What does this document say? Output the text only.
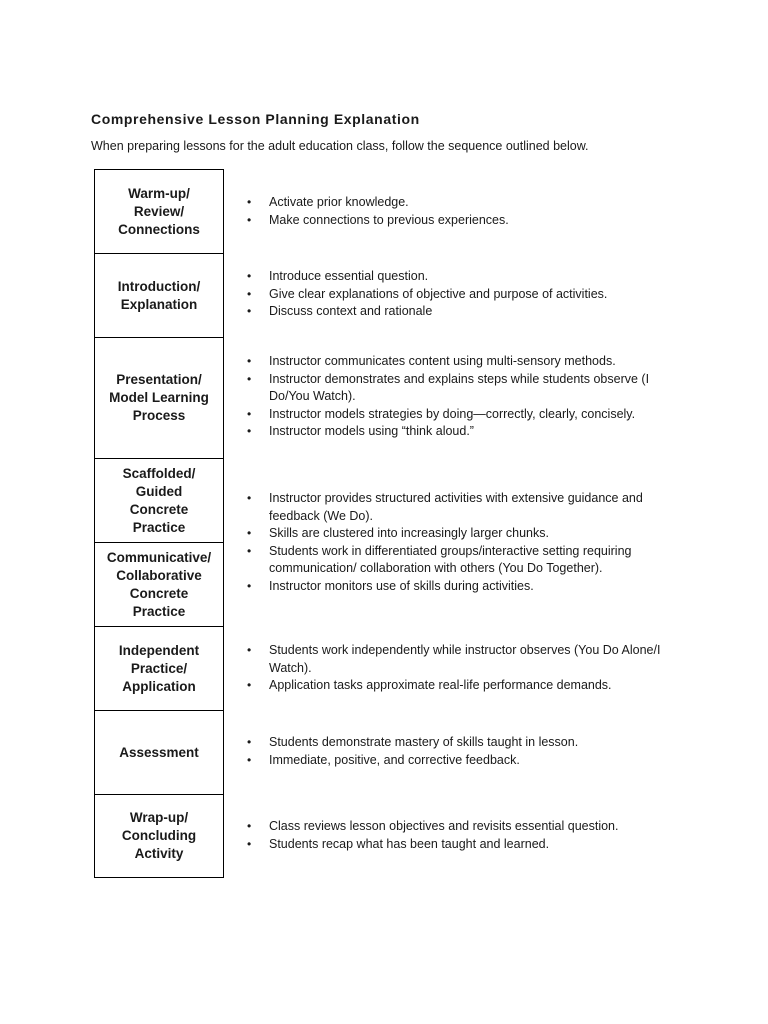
Comprehensive Lesson Planning Explanation
When preparing lessons for the adult education class, follow the sequence outlined below.
Warm-up/
Review/
Connections
Introduction/
Explanation
Presentation/
Model Learning
Process
Scaffolded/
Guided
Concrete
Practice
Communicative/
Collaborative
Concrete
Practice
Independent
Practice/
Application
Assessment
Wrap-up/
Concluding
Activity
• Activate prior knowledge.
• Make connections to previous experiences.
• Introduce essential question.
• Give clear explanations of objective and purpose of activities.
• Discuss context and rationale
• Instructor communicates content using multi-sensory methods.
• Instructor demonstrates and explains steps while students observe (I Do/You Watch).
• Instructor models strategies by doing—correctly, clearly, concisely.
• Instructor models using “think aloud.”
• Instructor provides structured activities with extensive guidance and feedback (We Do).
• Skills are clustered into increasingly larger chunks.
• Students work in differentiated groups/interactive setting requiring communication/ collaboration with others (You Do Together).
• Instructor monitors use of skills during activities.
• Students work independently while instructor observes (You Do Alone/I Watch).
• Application tasks approximate real-life performance demands.
• Students demonstrate mastery of skills taught in lesson.
• Immediate, positive, and corrective feedback.
• Class reviews lesson objectives and revisits essential question.
• Students recap what has been taught and learned.
